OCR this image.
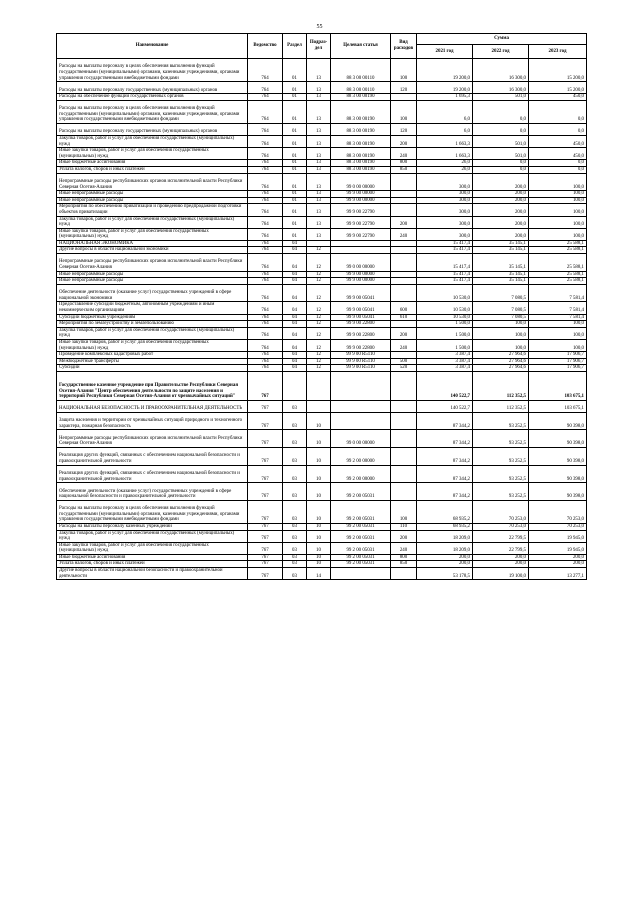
55
Наименование	Ведомство	Раздел	Подраз-дел	Целевая статья	Вид расходов	Сумма		
						2021 год	2022 год	2023 год
Расходы на выплаты персоналу в целях обеспечения выполнения функций государственными (муниципальными) органами, казенными учреждениями, органами управления государственными внебюджетными фондами	764	01	13	88 3 00 00110	100	19 200,0	16 300,0	15 200,0
Расходы на выплаты персоналу государственных (муниципальных) органов	764	01	13	88 3 00 00110	120	19 200,0	16 300,0	15 200,0
Расходы на обеспечение функций государственных органов	764	01	13	88 3 00 00190		1 695,3	501,0	450,0
Расходы на выплаты персоналу в целях обеспечения выполнения функций государственными (муниципальными) органами, казенными учреждениями, органами управления государственными внебюджетными фондами	764	01	13	88 3 00 00190	100	6,0	0,0	0,0
Расходы на выплаты персоналу государственных (муниципальных) органов	764	01	13	88 3 00 00190	120	6,0	0,0	0,0
Закупка товаров, работ и услуг для обеспечения государственных (муниципальных) нужд	764	01	13	88 3 00 00190	200	1 663,3	501,0	450,0
Иные закупки товаров, работ и услуг для обеспечения государственных (муниципальных) нужд	764	01	13	88 3 00 00190	240	1 663,3	501,0	450,0
Иные бюджетные ассигнования	764	01	13	88 3 00 00190	800	26,0	0,0	0,0
Уплата налогов, сборов и иных платежей	764	01	13	88 3 00 00190	850	26,0	0,0	0,0
Непрограммные расходы республиканских органов исполнительной власти Республики Северная Осетия-Алания	764	01	13	99 0 00 00000		300,0	200,0	100,0
Иные непрограммные расходы	764	01	13	99 9 00 00000		300,0	200,0	100,0
Иные непрограммные расходы	764	01	13	99 9 00 00000		300,0	200,0	100,0
Мероприятия по обеспечению приватизации и проведению предпродажной подготовки объектов приватизации	764	01	13	99 9 00 22790		300,0	200,0	100,0
Закупка товаров, работ и услуг для обеспечения государственных (муниципальных) нужд	764	01	13	99 9 00 22790	200	300,0	200,0	100,0
Иные закупки товаров, работ и услуг для обеспечения государственных (муниципальных) нужд	764	01	13	99 9 00 22790	240	300,0	200,0	100,0
НАЦИОНАЛЬНАЯ ЭКОНОМИКА	764	04				15 417,4	35 145,1	25 588,1
Другие вопросы в области национальной экономики	764	04	12			15 417,4	35 145,1	25 588,1
Непрограммные расходы республиканских органов исполнительной власти Республики Северная Осетия-Алания	764	04	12	99 0 00 00000		15 417,4	35 145,1	25 588,1
Иные непрограммные расходы	764	04	12	99 9 00 00000		15 417,4	35 145,1	25 588,1
Иные непрограммные расходы	764	04	12	99 9 00 00000		15 417,4	35 145,1	25 588,1
Обеспечение деятельности (оказание услуг) государственных учреждений в сфере национальной экономики	764	04	12	99 9 00 05041		10 530,0	7 080,5	7 581,4
Предоставление субсидий бюджетным, автономным учреждениям и иным некоммерческим организациям	764	04	12	99 9 00 05041	600	10 530,0	7 080,5	7 581,4
Субсидии бюджетным учреждениям	764	04	12	99 9 00 05041	610	10 530,0	7 080,5	7 581,4
Мероприятия по землеустройству и землепользованию	764	04	12	99 9 00 22800		1 500,0	100,0	100,0
Закупка товаров, работ и услуг для обеспечения государственных (муниципальных) нужд	764	04	12	99 9 00 22800	200	1 500,0	100,0	100,0
Иные закупки товаров, работ и услуг для обеспечения государственных (муниципальных) нужд	764	04	12	99 9 00 22800	240	1 500,0	100,0	100,0
Проведение комплексных кадастровых работ	764	04	12	99 9 00 R5110		3 387,4	27 964,6	17 906,7
Межбюджетные трансферты	764	04	12	99 9 00 R5110	500	3 387,4	27 964,6	17 906,7
Субсидии	764	04	12	99 9 00 R5110	520	3 387,4	27 964,6	17 906,7
Государственное казенное учреждение при Правительстве Республики Северная Осетия-Алания "Центр обеспечения деятельности по защите населения и территорий Республики Северная Осетия-Алания от чрезвычайных ситуаций"	767					140 522,7	112 352,5	103 675,1
НАЦИОНАЛЬНАЯ БЕЗОПАСНОСТЬ И ПРАВООХРАНИТЕЛЬНАЯ ДЕЯТЕЛЬНОСТЬ	767	03				140 522,7	112 352,5	103 675,1
Защита населения и территории от чрезвычайных ситуаций природного и техногенного характера, пожарная безопасность	767	03	10			87 344,2	93 252,5	90 398,0
Непрограммные расходы республиканских органов исполнительной власти Республики Северная Осетия-Алания	767	03	10	99 0 00 00000		87 344,2	93 252,5	90 398,0
Реализация других функций, связанных с обеспечением национальной безопасности и правоохранительной деятельности	767	03	10	99 2 00 00000		87 344,2	93 252,5	90 398,0
Реализация других функций, связанных с обеспечением национальной безопасности и правоохранительной деятельности	767	03	10	99 2 00 00000		87 344,2	93 252,5	90 398,0
Обеспечение деятельности (оказание услуг) государственных учреждений в сфере национальной безопасности и правоохранительной деятельности	767	03	10	99 2 00 05031		87 344,2	93 252,5	90 398,0
Расходы на выплаты персоналу в целях обеспечения выполнения функций государственными (муниципальными) органами, казенными учреждениями, органами управления государственными внебюджетными фондами	767	03	10	99 2 00 05031	100	68 935,2	70 253,0	70 253,0
Расходы на выплаты персоналу казенных учреждений	767	03	10	99 2 00 05031	110	68 935,2	70 253,0	70 253,0
Закупка товаров, работ и услуг для обеспечения государственных (муниципальных) нужд	767	03	10	99 2 00 05031	200	18 209,0	22 799,5	19 945,0
Иные закупки товаров, работ и услуг для обеспечения государственных (муниципальных) нужд	767	03	10	99 2 00 05031	240	18 209,0	22 799,5	19 945,0
Иные бюджетные ассигнования	767	03	10	99 2 00 05031	800	200,0	200,0	200,0
Уплата налогов, сборов и иных платежей	767	03	10	99 2 00 05031	850	200,0	200,0	200,0
Другие вопросы в области национальной безопасности и правоохранительной деятельности	767	03	14			53 178,5	19 100,0	13 277,1
